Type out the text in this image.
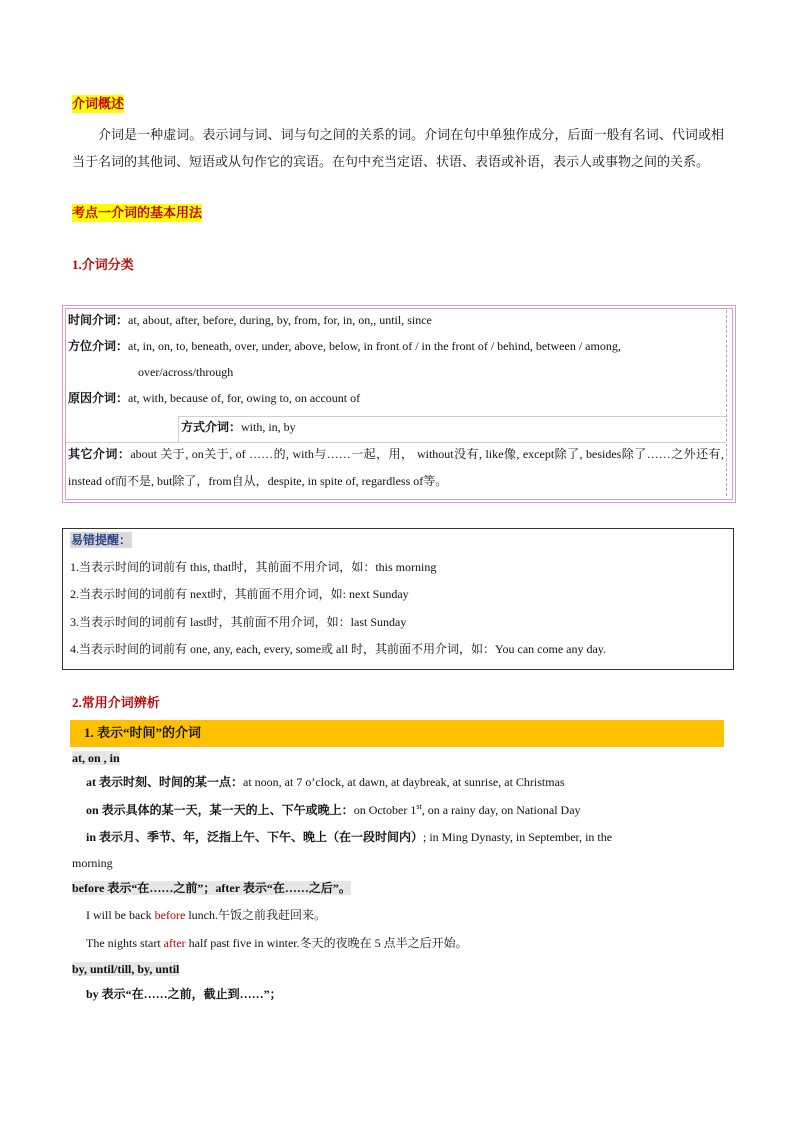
介词概述
介词是一种虚词。表示词与词、词与句之间的关系的词。介词在句中单独作成分，后面一般有名词、代词或相当于名词的其他词、短语或从句作它的宾语。在句中充当定语、状语、表语或补语，表示人或事物之间的关系。
考点一介词的基本用法
1.介词分类
时间介词：at, about, after, before, during, by, from, for, in, on,, until, since
方位介词：at, in, on, to, beneath, over, under, above, below, in front of / in the front of / behind, between / among,
over/across/through
原因介词：at, with, because of, for, owing to, on account of
方式介词：with, in, by
其它介词：about 关于, on关于, of ……的, with与……一起，用， without没有, like像, except除了, besides除了……之外还有, instead of而不是, but除了，from自从，despite, in spite of, regardless of等。
易错提醒：
1.当表示时间的词前有 this, that时，其前面不用介词，如：this morning
2.当表示时间的词前有 next时，其前面不用介词，如: next Sunday
3.当表示时间的词前有 last时，其前面不用介词，如：last Sunday
4.当表示时间的词前有 one, any, each, every, some或 all 时，其前面不用介词，如：You can come any day.
2.常用介词辨析
1. 表示“时间”的介词
at, on , in
at 表示时刻、时间的某一点：at noon, at 7 o’clock, at dawn, at daybreak, at sunrise, at Christmas
on 表示具体的某一天，某一天的上、下午或晚上：on October 1st, on a rainy day, on National Day
in 表示月、季节、年，泛指上午、下午、晚上（在一段时间内）; in Ming Dynasty, in September, in the
morning
before 表示“在……之前”；after 表示“在……之后”。
I will be back before lunch.午饭之前我赶回来。
The nights start after half past five in winter.冬天的夜晚在 5 点半之后开始。
by, until/till, by, until
by 表示“在……之前，截止到……”；
